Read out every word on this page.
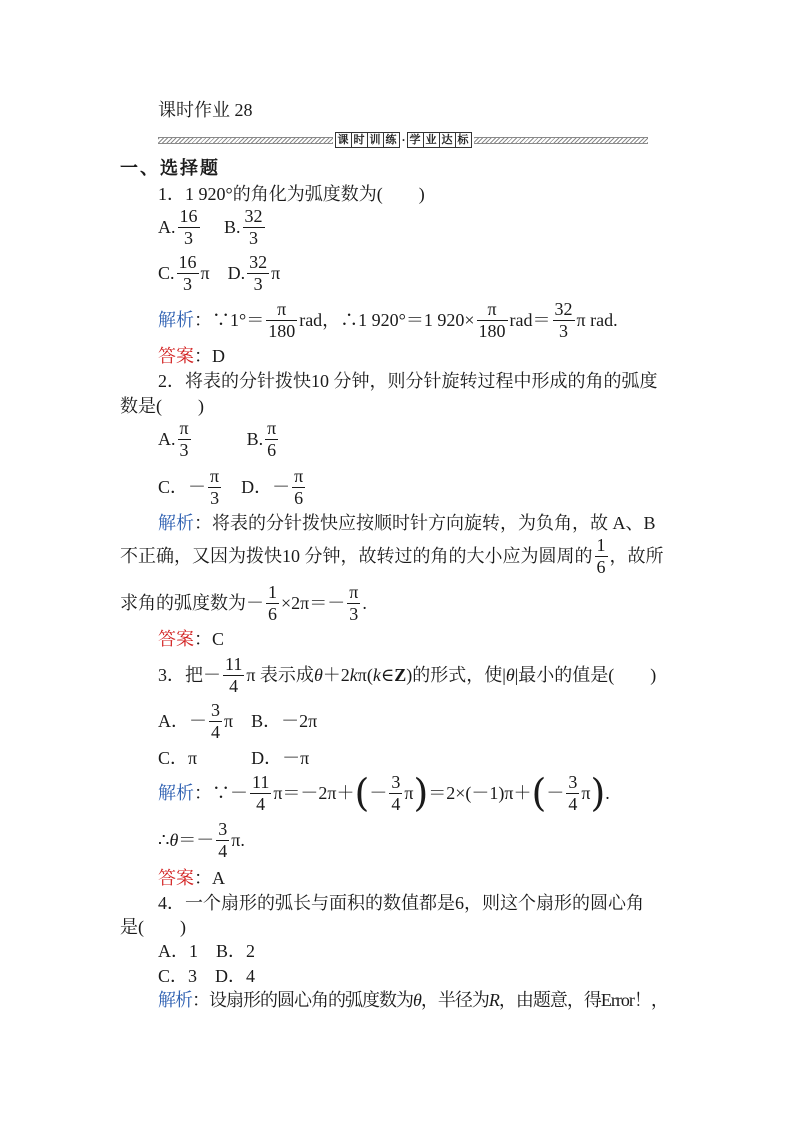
课时作业 28
课 时 训 练 · 学 业 达 标
一、选择题
1．1 920°的角化为弧度数为(　　)
A. $\frac{16}{3}$ 　 B. $\frac{32}{3}$
C. $\frac{16}{3}$ π　D. $\frac{32}{3}$ π
解析 ：∵1°＝ $\frac{\pi}{180}$ rad，∴1 920°＝1 $920\times \frac{\pi}{180} rad= \frac{32}{3}$ π rad.
答案 ：D
2．将表的分针拨快10 分钟，则分针旋转过程中形成的角的弧度
数是(　　)
A. $\frac{\pi}{3}$ 　　　B. $\frac{\pi}{6}$
C．－ $\frac{\pi}{3}$ 　D．－ $\frac{\pi}{6}$
解析 ：将表的分针拨快应按顺时针方向旋转，为负角，故 A、B
不正确，又因为拨快10 分钟，故转过的角的大小应为圆周的 $\frac{1}{6}$ ，故所
求角的弧度数为－ $\frac{1}{6} \times 2\pi=- \frac{\pi}{3}$ .
答案 ：C
3．把－ $\frac{11}{4}$ π 表示成 θ ＋2 k π( k ∈ Z )的形式，使| θ |最小的值是(　　)
A．－ $\frac{3}{4}$ π　B．－2π
C．π　　　D．－π
解析 ：∵－ $\frac{11}{4} \pi=-2\pi+$ ( － $\frac{3}{4}$ π ) ＝2×(－1)π＋ ( － $\frac{3}{4}$ π ) .
∴ $\theta =- \frac{3}{4} \pi$.
答案 ：A
4．一个扇形的弧长与面积的数值都是6，则这个扇形的圆心角
是(　　)
A．1　B．2
C．3　D．4
解析 ：设扇形的圆心角的弧度数为 θ ，半径为 R ，由题意，得Error！，
